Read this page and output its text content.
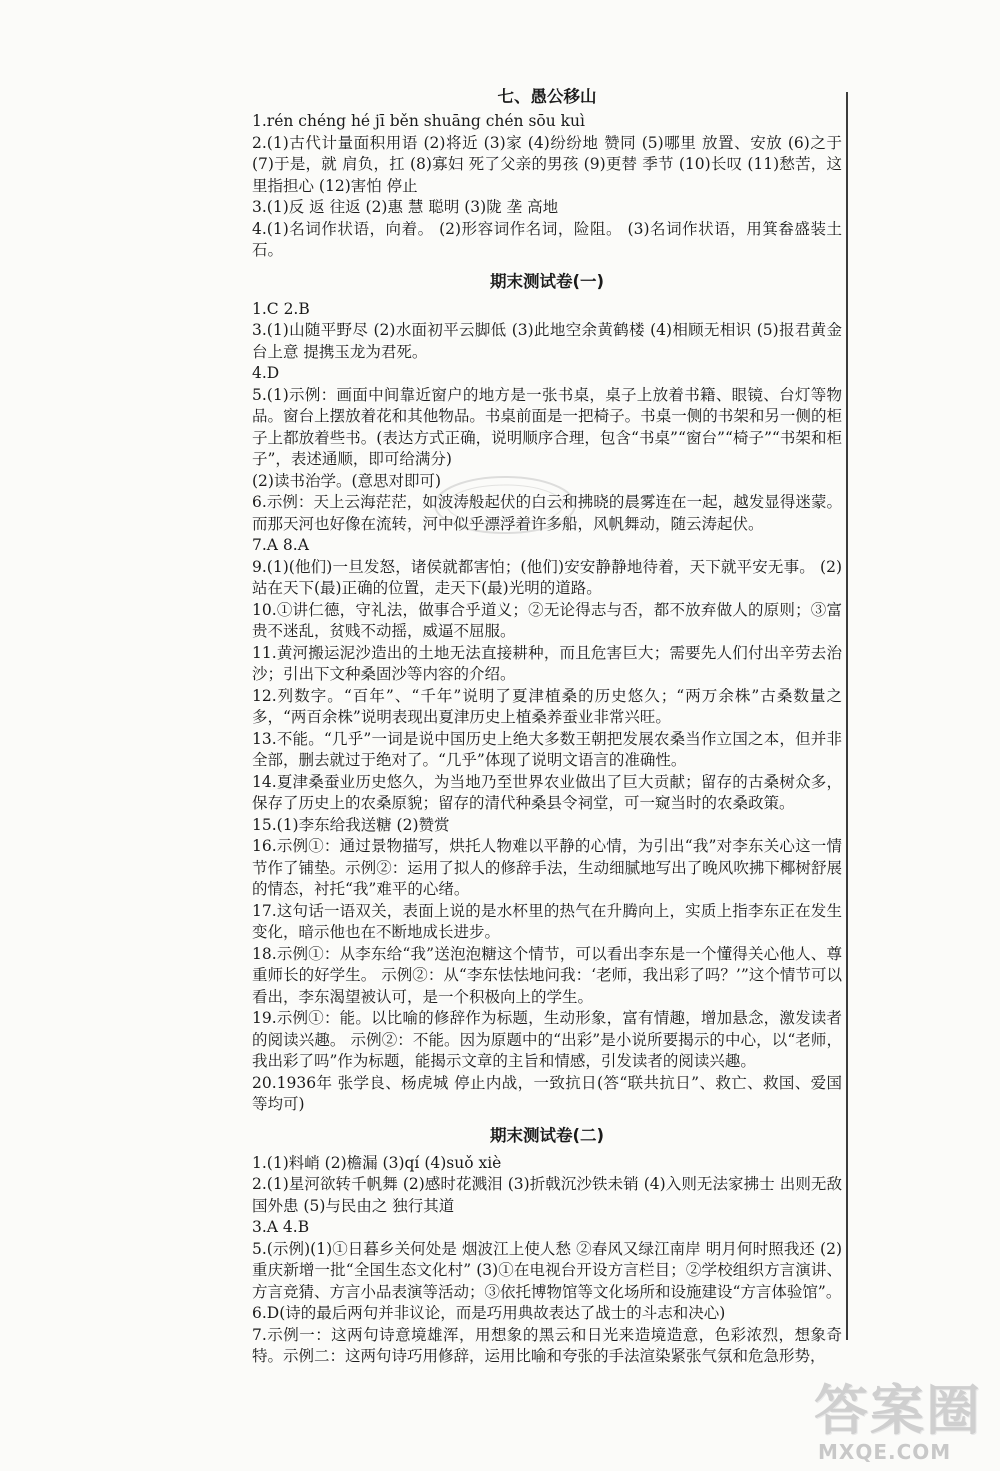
七、愚公移山

1.rén chéng hé jī běn shuāng chén sōu kuì

2.(1)古代计量面积用语 (2)将近 (3)家 (4)纷纷地 赞同 (5)哪里 放置、安放 (6)之于 (7)于是，就 肩负，扛 (8)寡妇 死了父亲的男孩 (9)更替 季节 (10)长叹 (11)愁苦，这里指担心 (12)害怕 停止

3.(1)反 返 往返 (2)惠 慧 聪明 (3)陇 垄 高地

4.(1)名词作状语，向着。 (2)形容词作名词，险阻。 (3)名词作状语，用箕畚盛装土石。

期末测试卷(一)

1.C 2.B

3.(1)山随平野尽 (2)水面初平云脚低 (3)此地空余黄鹤楼 (4)相顾无相识 (5)报君黄金台上意 提携玉龙为君死。

4.D

5.(1)示例：画面中间靠近窗户的地方是一张书桌，桌子上放着书籍、眼镜、台灯等物品。窗台上摆放着花和其他物品。书桌前面是一把椅子。书桌一侧的书架和另一侧的柜子上都放着些书。(表达方式正确，说明顺序合理，包含“书桌”“窗台”“椅子”“书架和柜子”，表述通顺，即可给满分)

(2)读书治学。(意思对即可)

6.示例：天上云海茫茫，如波涛般起伏的白云和拂晓的晨雾连在一起，越发显得迷蒙。而那天河也好像在流转，河中似乎漂浮着许多船，风帆舞动，随云涛起伏。

7.A 8.A

9.(1)(他们)一旦发怒，诸侯就都害怕；(他们)安安静静地待着，天下就平安无事。 (2)站在天下(最)正确的位置，走天下(最)光明的道路。

10.①讲仁德，守礼法，做事合乎道义；②无论得志与否，都不放弃做人的原则；③富贵不迷乱，贫贱不动摇，威逼不屈服。

11.黄河搬运泥沙造出的土地无法直接耕种，而且危害巨大；需要先人们付出辛劳去治沙；引出下文种桑固沙等内容的介绍。

12.列数字。“百年”、“千年”说明了夏津植桑的历史悠久；“两万余株”古桑数量之多，“两百余株”说明表现出夏津历史上植桑养蚕业非常兴旺。

13.不能。“几乎”一词是说中国历史上绝大多数王朝把发展农桑当作立国之本，但并非全部，删去就过于绝对了。“几乎”体现了说明文语言的准确性。

14.夏津桑蚕业历史悠久，为当地乃至世界农业做出了巨大贡献；留存的古桑树众多，保存了历史上的农桑原貌；留存的清代种桑县令祠堂，可一窥当时的农桑政策。

15.(1)李东给我送糖 (2)赞赏

16.示例①：通过景物描写，烘托人物难以平静的心情，为引出“我”对李东关心这一情节作了铺垫。示例②：运用了拟人的修辞手法，生动细腻地写出了晚风吹拂下椰树舒展的情态，衬托“我”难平的心绪。

17.这句话一语双关，表面上说的是水杯里的热气在升腾向上，实质上指李东正在发生变化，暗示他也在不断地成长进步。

18.示例①：从李东给“我”送泡泡糖这个情节，可以看出李东是一个懂得关心他人、尊重师长的好学生。 示例②：从“李东怯怯地问我：‘老师，我出彩了吗？’”这个情节可以看出，李东渴望被认可，是一个积极向上的学生。

19.示例①：能。以比喻的修辞作为标题，生动形象，富有情趣，增加悬念，激发读者的阅读兴趣。 示例②：不能。因为原题中的“出彩”是小说所要揭示的中心，以“老师，我出彩了吗”作为标题，能揭示文章的主旨和情感，引发读者的阅读兴趣。

20.1936年 张学良、杨虎城 停止内战，一致抗日(答“联共抗日”、救亡、救国、爱国等均可)

期末测试卷(二)

1.(1)料峭 (2)檐漏 (3)qí (4)suǒ xiè

2.(1)星河欲转千帆舞 (2)感时花溅泪 (3)折戟沉沙铁未销 (4)入则无法家拂士 出则无敌国外患 (5)与民由之 独行其道

3.A 4.B

5.(示例)(1)①日暮乡关何处是 烟波江上使人愁 ②春风又绿江南岸 明月何时照我还 (2)重庆新增一批“全国生态文化村” (3)①在电视台开设方言栏目；②学校组织方言演讲、方言竞猜、方言小品表演等活动；③依托博物馆等文化场所和设施建设“方言体验馆”。

6.D(诗的最后两句并非议论，而是巧用典故表达了战士的斗志和决心)

7.示例一：这两句诗意境雄浑，用想象的黑云和日光来造境造意，色彩浓烈，想象奇特。示例二：这两句诗巧用修辞，运用比喻和夸张的手法渲染紧张气氛和危急形势，

答案圈
MXQE.COM
